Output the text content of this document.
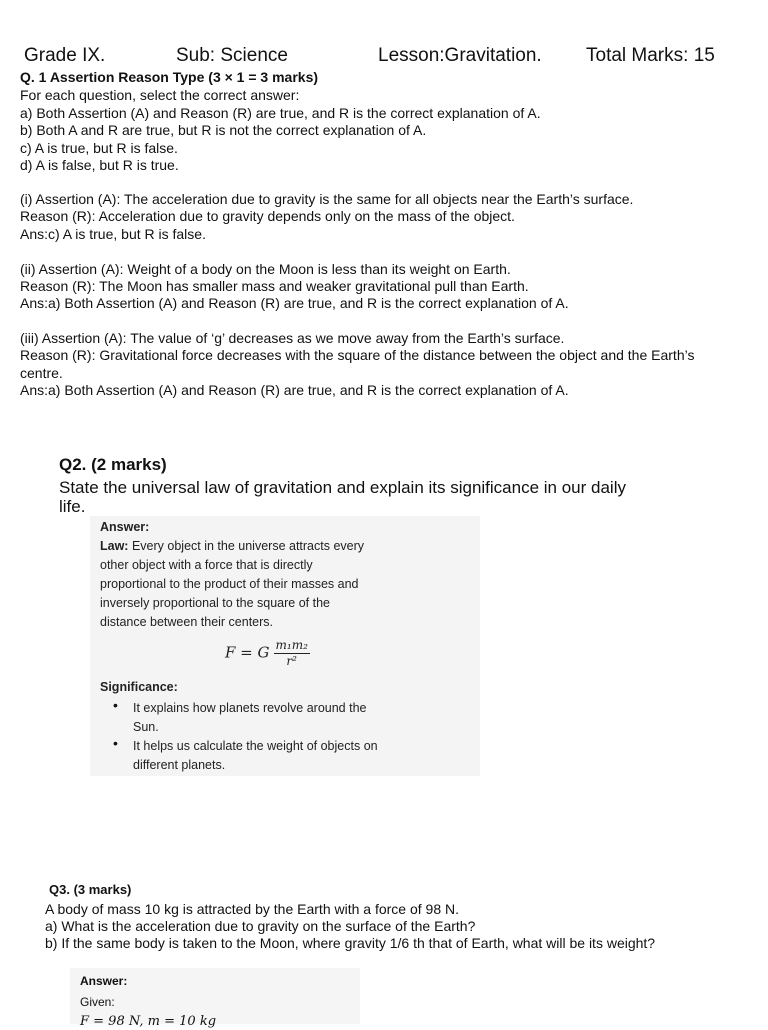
Grade IX.	Sub: Science	Lesson:Gravitation. Total Marks: 15
Q. 1 Assertion Reason Type (3 × 1 = 3 marks)
For each question, select the correct answer:
a) Both Assertion (A) and Reason (R) are true, and R is the correct explanation of A.
b) Both A and R are true, but R is not the correct explanation of A.
c) A is true, but R is false.
d) A is false, but R is true.
(i) Assertion (A): The acceleration due to gravity is the same for all objects near the Earth’s surface.
Reason (R): Acceleration due to gravity depends only on the mass of the object.
Ans:c) A is true, but R is false.
(ii) Assertion (A): Weight of a body on the Moon is less than its weight on Earth.
Reason (R): The Moon has smaller mass and weaker gravitational pull than Earth.
Ans:a) Both Assertion (A) and Reason (R) are true, and R is the correct explanation of A.
(iii) Assertion (A): The value of ‘g’ decreases as we move away from the Earth’s surface.
Reason (R): Gravitational force decreases with the square of the distance between the object and the Earth’s
centre.
Ans:a) Both Assertion (A) and Reason (R) are true, and R is the correct explanation of A.
Q2. (2 marks)
State the universal law of gravitation and explain its significance in our daily
life.
Answer:
Law: Every object in the universe attracts every
other object with a force that is directly
proportional to the product of their masses and
inversely proportional to the square of the
distance between their centers.
F = G $\frac{\text{m₁m₂}}{\text{r²}}$
Significance:
• It explains how planets revolve around the
Sun.
• It helps us calculate the weight of objects on
different planets.
Q3. (3 marks)
A body of mass 10 kg is attracted by the Earth with a force of 98 N.
a) What is the acceleration due to gravity on the surface of the Earth?
b) If the same body is taken to the Moon, where gravity 1/6 th that of Earth, what will be its weight?
Answer:
Given:
F = 98 N, m = 10 kg
